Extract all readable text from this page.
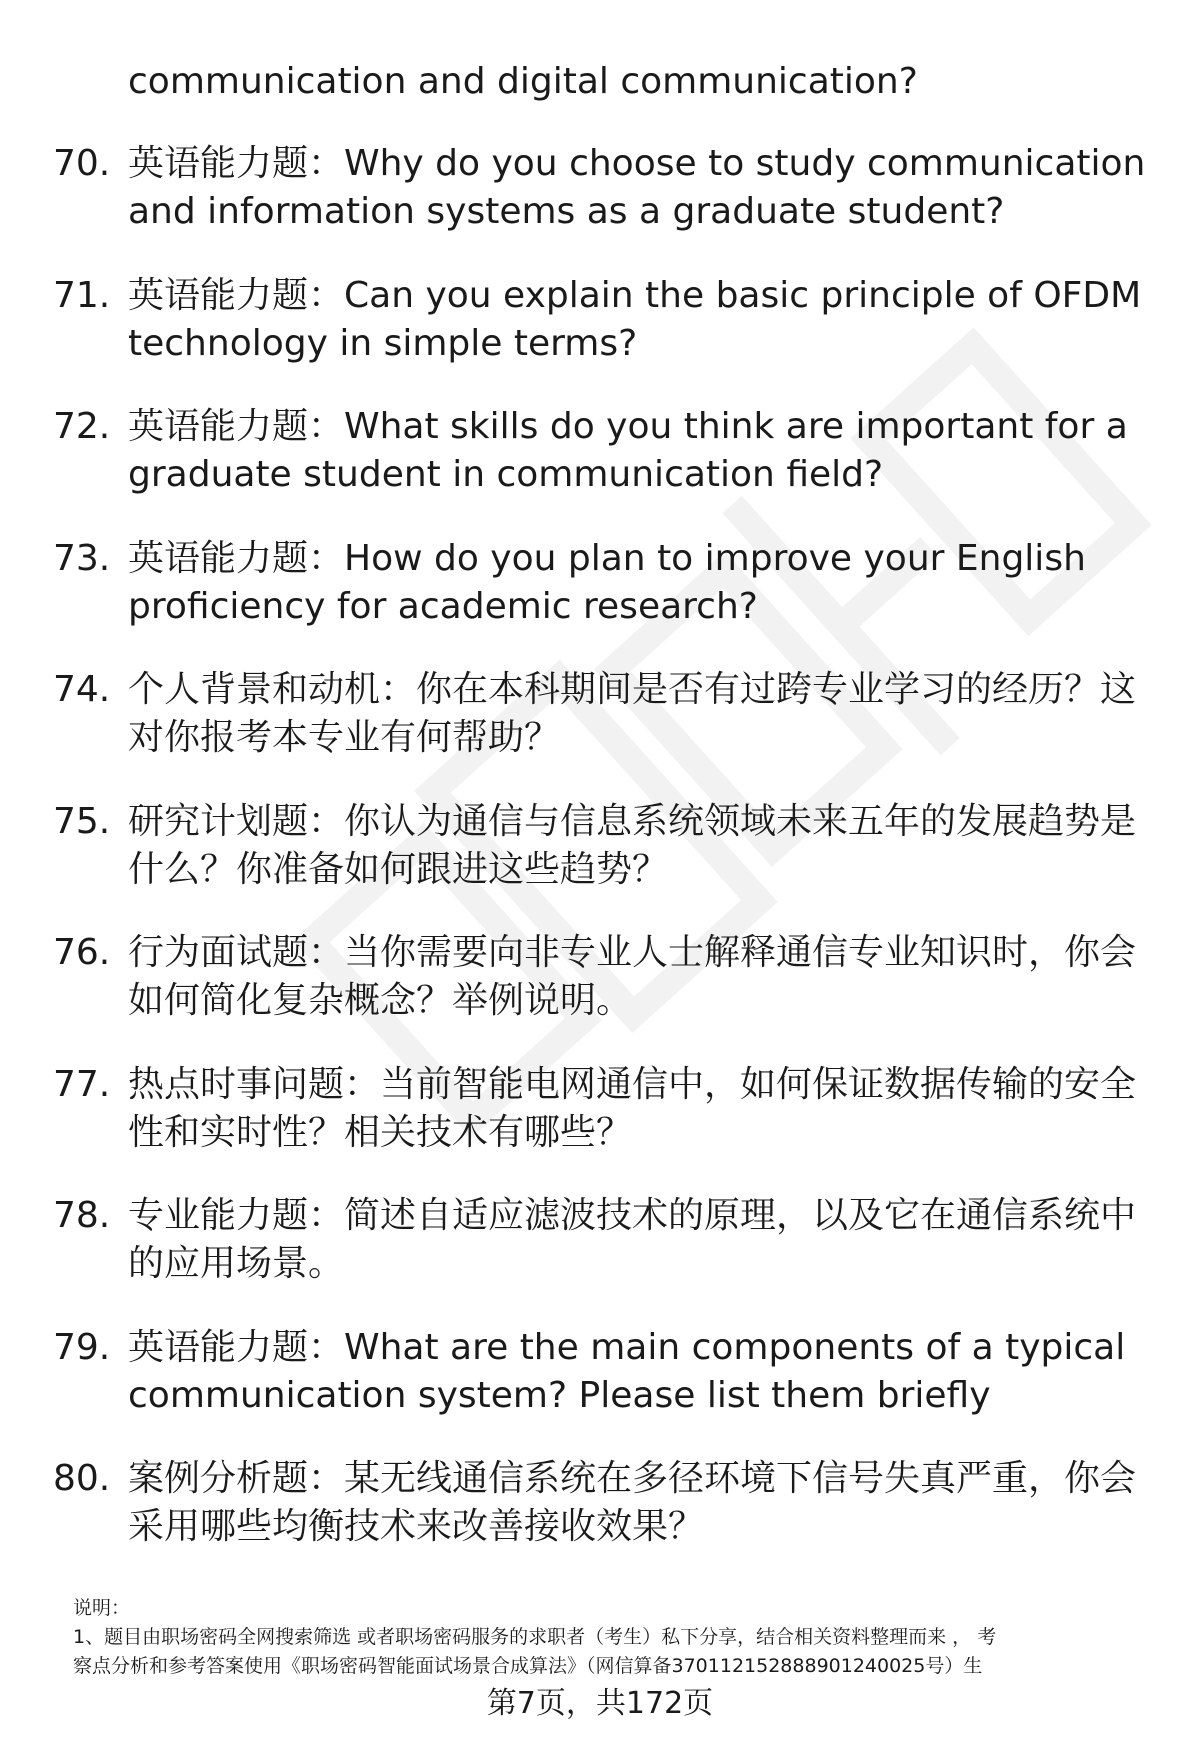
communication and digital communication?
70. 英语能力题：Why do you choose to study communication
and information systems as a graduate student?
71. 英语能力题：Can you explain the basic principle of OFDM
technology in simple terms?
72. 英语能力题：What skills do you think are important for a
graduate student in communication field?
73. 英语能力题：How do you plan to improve your English
proficiency for academic research?
74. 个人背景和动机：你在本科期间是否有过跨专业学习的经历？这
对你报考本专业有何帮助？
75. 研究计划题：你认为通信与信息系统领域未来五年的发展趋势是
什么？你准备如何跟进这些趋势？
76. 行为面试题：当你需要向非专业人士解释通信专业知识时，你会
如何简化复杂概念？举例说明。
77. 热点时事问题：当前智能电网通信中，如何保证数据传输的安全
性和实时性？相关技术有哪些？
78. 专业能力题：简述自适应滤波技术的原理，以及它在通信系统中
的应用场景。
79. 英语能力题：What are the main components of a typical
communication system? Please list them briefly
80. 案例分析题：某无线通信系统在多径环境下信号失真严重，你会
采用哪些均衡技术来改善接收效果？
说明：
1、题目由职场密码全网搜索筛选 或者职场密码服务的求职者（考生）私下分享，结合相关资料整理而来 ， 考
察点分析和参考答案使用《职场密码智能面试场景合成算法》（网信算备370112152888901240025号）生
第7页，共172页
